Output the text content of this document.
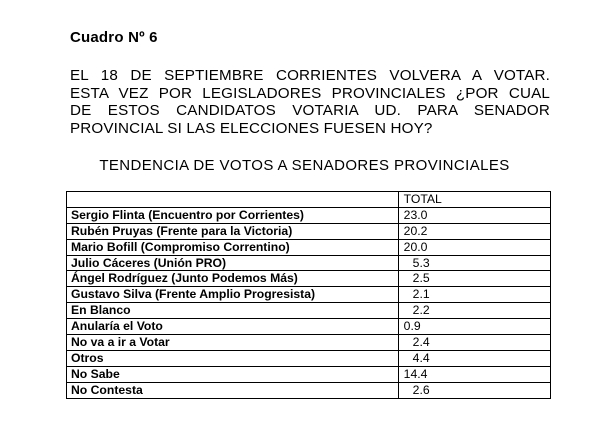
Cuadro Nº 6
EL 18 DE SEPTIEMBRE CORRIENTES VOLVERA A VOTAR.
ESTA VEZ POR LEGISLADORES PROVINCIALES ¿POR CUAL
DE ESTOS CANDIDATOS VOTARIA UD. PARA SENADOR
PROVINCIAL SI LAS ELECCIONES FUESEN HOY?
TENDENCIA DE VOTOS A SENADORES PROVINCIALES
	TOTAL
Sergio Flinta (Encuentro por Corrientes)	23.0
Rubén Pruyas (Frente para la Victoria)	20.2
Mario Bofill (Compromiso Correntino)	20.0
Julio Cáceres (Unión PRO)	5.3
Ángel Rodríguez (Junto Podemos Más)	2.5
Gustavo Silva (Frente Amplio Progresista)	2.1
En Blanco	2.2
Anularía el Voto	0.9
No va a ir a Votar	2.4
Otros	4.4
No Sabe	14.4
No Contesta	2.6
